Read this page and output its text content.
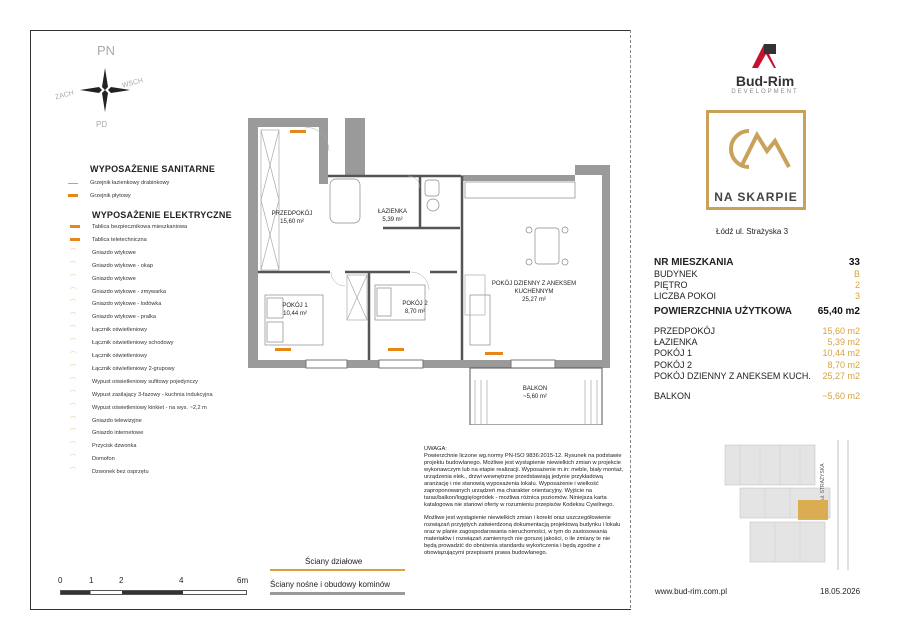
PN
PD
ZACH
WSCH
WYPOSAŻENIE SANITARNE
Grzejnik łazienkowy drabinkowy
Grzejnik płytowy
WYPOSAŻENIE ELEKTRYCZNE
Tablica bezpiecznikowa mieszkaniowa
Tablica teletechniczna
⌒	Gniazdo wtykowe
⌒	Gniazdo wtykowe - okap
⌒	Gniazdo wtykowe
⌒	Gniazdo wtykowe - zmywarka
⌒	Gniazdo wtykowe - lodówka
⌒	Gniazdo wtykowe - pralka
⌒	Łącznik oświetleniowy
⌒	Łącznik oświetleniowy schodowy
⌒	Łącznik oświetleniowy
⌒	Łącznik oświetleniowy 2-grupowy
⌒	Wypust oświetleniowy sufitowy pojedynczy
⌒	Wypust zasilający 3-fazowy - kuchnia indukcyjna
⌒	Wypust oświetleniowy kinkiet - na wys. ~2,2 m
⌒	Gniazdo telewizyjne
⌒	Gniazdo internetowe
⌒	Przycisk dzwonka
⌒	Domofon
⌒	Dzwonek bez osprzętu
PRZEDPOKÓJ
15,60 m²
ŁAZIENKA
5,39 m²
POKÓJ 1
10,44 m²
POKÓJ 2
8,70 m²
POKÓJ DZIENNY Z ANEKSEM KUCHENNYM
25,27 m²
BALKON
~5,60 m²
UWAGA:
Powierzchnie liczone wg.normy PN-ISO 9836:2015-12. Rysunek na podstawie projektu budowlanego. Możliwe jest wystąpienie niewielkich zmian w projekcie wykonawczym lub na etapie realizacji. Wyposażenie m.in: meble, biały montaż, urządzenia elek., drzwi wewnętrzne przedstawiają jedynie przykładową aranżację i nie stanowią wyposażenia lokalu. Wyposażenie i wielkość zaproponowanych urządzeń ma charakter orientacyjny. Wyjście na taras/balkon/loggię/ogródek - możliwa różnica poziomów. Niniejsza karta katalogowa nie stanowi oferty w rozumieniu przepisów Kodeksu Cywilnego.
Możliwe jest wystąpienie niewielkich zmian i korekt oraz uszczegółowienie rozwiązań przyjętych zatwierdzoną dokumentacją projektową budynku i lokalu oraz w planie zagospodarowania nieruchomości, w tym do zastosowania materiałów i rozwiązań zamiennych nie gorszej jakości, o ile zmiany te nie będą prowadzić do obniżenia standardu wykończenia i będą zgodne z obowiązującymi przepisami prawa budowlanego.
Ściany działowe
Ściany nośne i obudowy kominów
0	1	2	4	6m
Bud-Rim
DEVELOPMENT
NA SKARPIE
Łódź ul. Strażyska 3
NR MIESZKANIA	33
BUDYNEK	B
PIĘTRO	2
LICZBA POKOI	3
POWIERZCHNIA UŻYTKOWA	65,40 m2
PRZEDPOKÓJ	15,60 m2
ŁAZIENKA	5,39 m2
POKÓJ 1	10,44 m2
POKÓJ 2	8,70 m2
POKÓJ DZIENNY Z ANEKSEM KUCH. 25,27 m2
BALKON	~5,60 m2
ul. STRAŻYSKA
www.bud-rim.com.pl	18.05.2026
